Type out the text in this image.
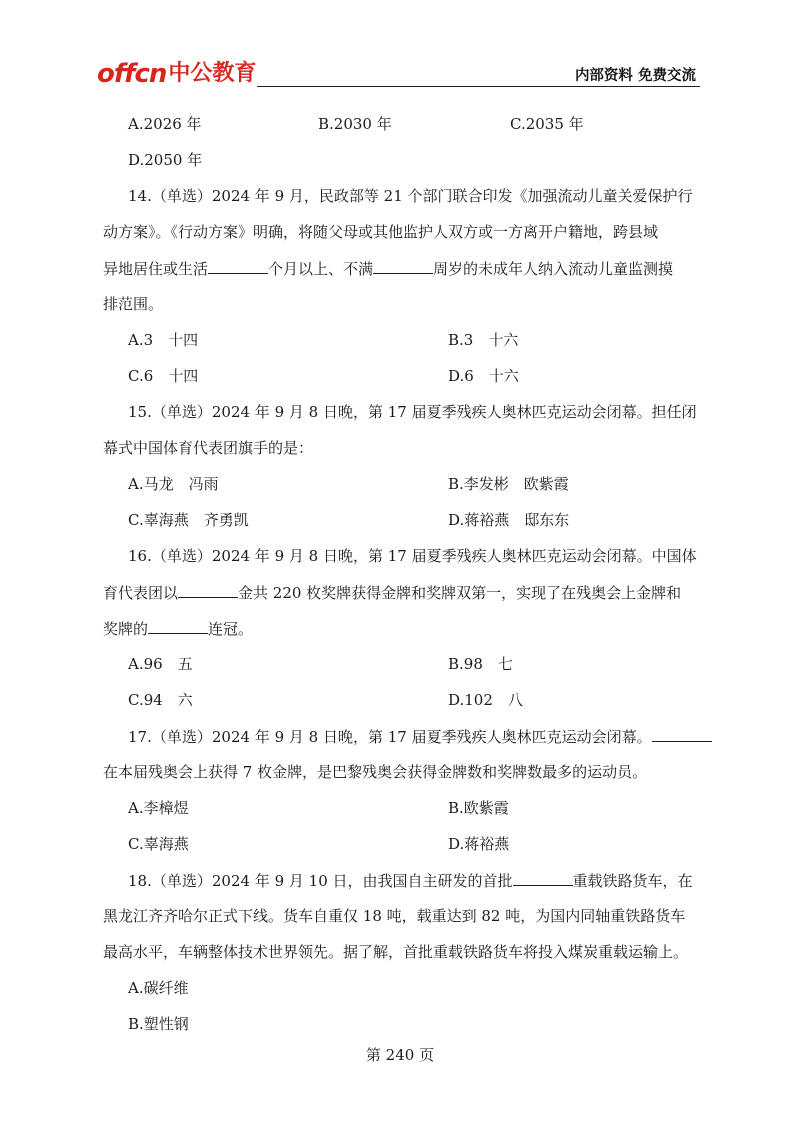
offcn 中公教育	内部资料 免费交流
A.2026 年	B.2030 年	C.2035 年
D.2050 年
14.（单选）2024 年 9 月，民政部等 21 个部门联合印发《加强流动儿童关爱保护行
动方案》。《行动方案》明确，将随父母或其他监护人双方或一方离开户籍地，跨县域
异地居住或生活	个月以上、不满	周岁的未成年人纳入流动儿童监测摸
排范围。
A.3　十四	B.3　十六
C.6　十四	D.6　十六
15.（单选）2024 年 9 月 8 日晚，第 17 届夏季残疾人奥林匹克运动会闭幕。担任闭
幕式中国体育代表团旗手的是：
A.马龙　冯雨	B.李发彬　欧紫霞
C.辜海燕　齐勇凯	D.蒋裕燕　邸东东
16.（单选）2024 年 9 月 8 日晚，第 17 届夏季残疾人奥林匹克运动会闭幕。中国体
育代表团以	金共 220 枚奖牌获得金牌和奖牌双第一，实现了在残奥会上金牌和
奖牌的	连冠。
A.96　五	B.98　七
C.94　六	D.102　八
17.（单选）2024 年 9 月 8 日晚，第 17 届夏季残疾人奥林匹克运动会闭幕。
在本届残奥会上获得 7 枚金牌，是巴黎残奥会获得金牌数和奖牌数最多的运动员。
A.李樟煜	B.欧紫霞
C.辜海燕	D.蒋裕燕
18.（单选）2024 年 9 月 10 日，由我国自主研发的首批	重载铁路货车，在
黑龙江齐齐哈尔正式下线。货车自重仅 18 吨，载重达到 82 吨，为国内同轴重铁路货车
最高水平，车辆整体技术世界领先。据了解，首批重载铁路货车将投入煤炭重载运输上。
A.碳纤维
B.塑性钢
第 240 页
